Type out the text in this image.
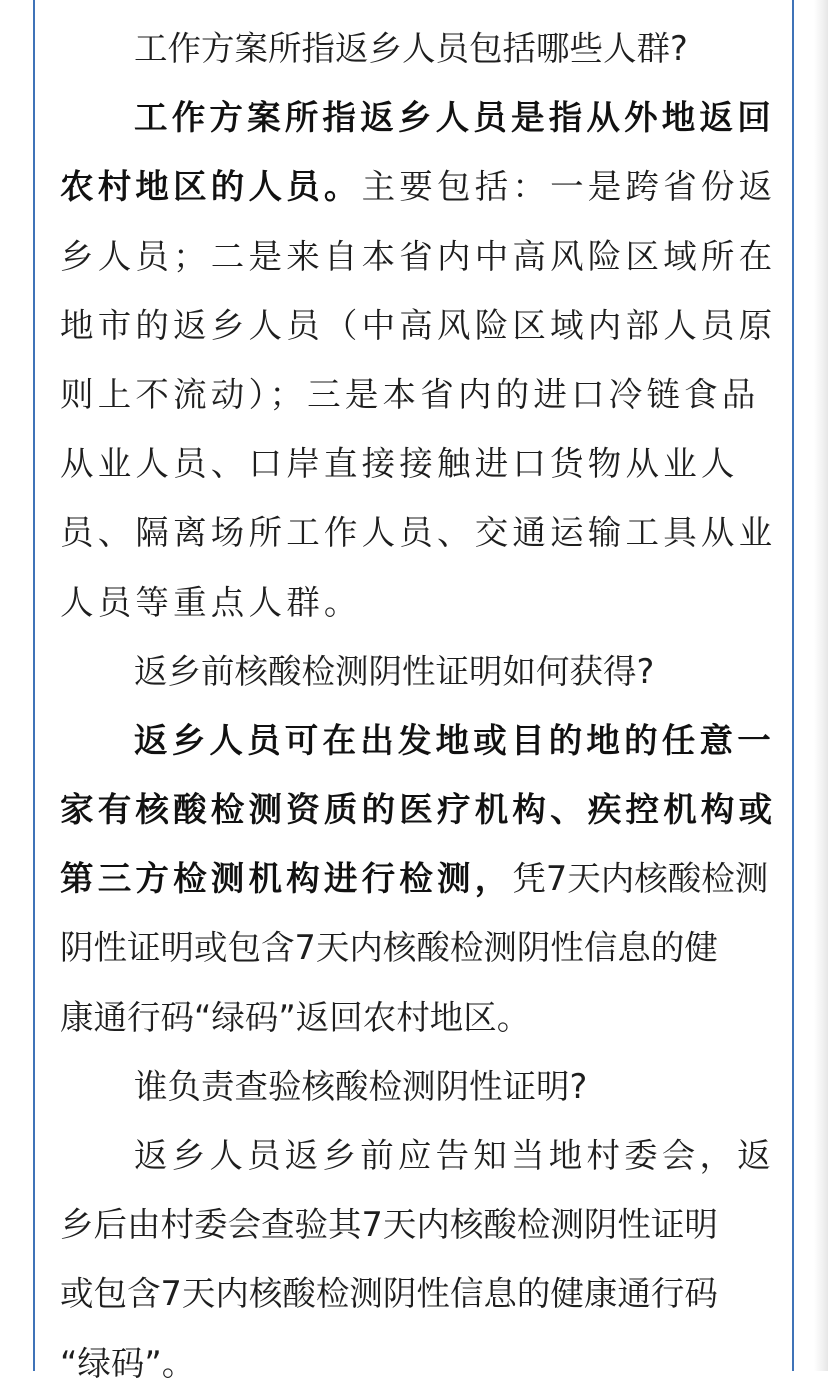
工作方案所指返乡人员包括哪些人群?
工作方案所指返乡人员是指从外地返回
农村地区的人员。主要包括：一是跨省份返
乡人员；二是来自本省内中高风险区域所在
地市的返乡人员（中高风险区域内部人员原
则上不流动）；三是本省内的进口冷链食品
从业人员、口岸直接接触进口货物从业人
员、隔离场所工作人员、交通运输工具从业
人员等重点人群。
返乡前核酸检测阴性证明如何获得?
返乡人员可在出发地或目的地的任意一
家有核酸检测资质的医疗机构、疾控机构或
第三方检测机构进行检测，凭7天内核酸检测
阴性证明或包含7天内核酸检测阴性信息的健
康通行码“绿码”返回农村地区。
谁负责查验核酸检测阴性证明?
返乡人员返乡前应告知当地村委会，返
乡后由村委会查验其7天内核酸检测阴性证明
或包含7天内核酸检测阴性信息的健康通行码
“绿码”。
